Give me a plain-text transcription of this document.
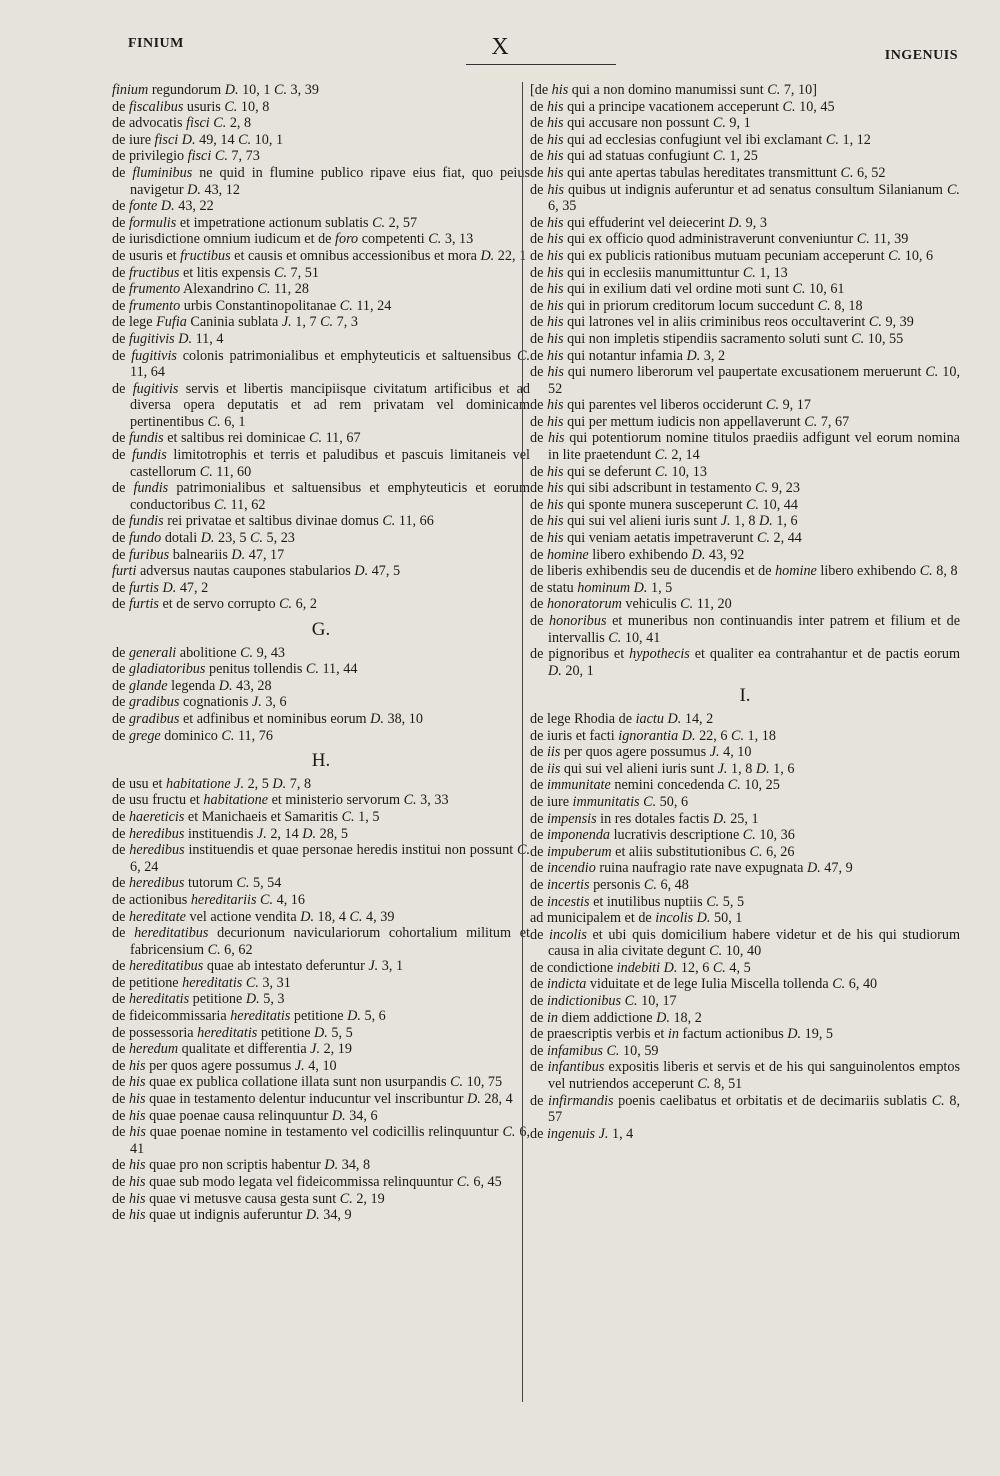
FINIUM	X	INGENUIS

finium regundorum D. 10, 1 C. 3, 39

de fiscalibus usuris C. 10, 8

de advocatis fisci C. 2, 8

de iure fisci D. 49, 14 C. 10, 1

de privilegio fisci C. 7, 73

de fluminibus ne quid in flumine publico ripave eius fiat, quo peius navigetur D. 43, 12

de fonte D. 43, 22

de formulis et impetratione actionum sublatis C. 2, 57

de iurisdictione omnium iudicum et de foro competenti C. 3, 13

de usuris et fructibus et causis et omnibus accessionibus et mora D. 22, 1

de fructibus et litis expensis C. 7, 51

de frumento Alexandrino C. 11, 28

de frumento urbis Constantinopolitanae C. 11, 24

de lege Fufia Caninia sublata J. 1, 7 C. 7, 3

de fugitivis D. 11, 4

de fugitivis colonis patrimonialibus et emphyteuticis et saltuensibus C. 11, 64

de fugitivis servis et libertis mancipiisque civitatum artificibus et ad diversa opera deputatis et ad rem privatam vel dominicam pertinentibus C. 6, 1

de fundis et saltibus rei dominicae C. 11, 67

de fundis limitotrophis et terris et paludibus et pascuis limitaneis vel castellorum C. 11, 60

de fundis patrimonialibus et saltuensibus et emphyteuticis et eorum conductoribus C. 11, 62

de fundis rei privatae et saltibus divinae domus C. 11, 66

de fundo dotali D. 23, 5 C. 5, 23

de furibus balneariis D. 47, 17

furti adversus nautas caupones stabularios D. 47, 5

de furtis D. 47, 2

de furtis et de servo corrupto C. 6, 2

G.

de generali abolitione C. 9, 43

de gladiatoribus penitus tollendis C. 11, 44

de glande legenda D. 43, 28

de gradibus cognationis J. 3, 6

de gradibus et adfinibus et nominibus eorum D. 38, 10

de grege dominico C. 11, 76

H.

de usu et habitatione J. 2, 5 D. 7, 8

de usu fructu et habitatione et ministerio servorum C. 3, 33

de haereticis et Manichaeis et Samaritis C. 1, 5

de heredibus instituendis J. 2, 14 D. 28, 5

de heredibus instituendis et quae personae heredis institui non possunt C. 6, 24

de heredibus tutorum C. 5, 54

de actionibus hereditariis C. 4, 16

de hereditate vel actione vendita D. 18, 4 C. 4, 39

de hereditatibus decurionum naviculariorum cohortalium militum et fabricensium C. 6, 62

de hereditatibus quae ab intestato deferuntur J. 3, 1

de petitione hereditatis C. 3, 31

de hereditatis petitione D. 5, 3

de fideicommissaria hereditatis petitione D. 5, 6

de possessoria hereditatis petitione D. 5, 5

de heredum qualitate et differentia J. 2, 19

de his per quos agere possumus J. 4, 10

de his quae ex publica collatione illata sunt non usurpandis C. 10, 75

de his quae in testamento delentur inducuntur vel inscribuntur D. 28, 4

de his quae poenae causa relinquuntur D. 34, 6

de his quae poenae nomine in testamento vel codicillis relinquuntur C. 6, 41

de his quae pro non scriptis habentur D. 34, 8

de his quae sub modo legata vel fideicommissa relinquuntur C. 6, 45

de his quae vi metusve causa gesta sunt C. 2, 19

de his quae ut indignis auferuntur D. 34, 9

[de his qui a non domino manumissi sunt C. 7, 10]

de his qui a principe vacationem acceperunt C. 10, 45

de his qui accusare non possunt C. 9, 1

de his qui ad ecclesias confugiunt vel ibi exclamant C. 1, 12

de his qui ad statuas confugiunt C. 1, 25

de his qui ante apertas tabulas hereditates transmittunt C. 6, 52

de his quibus ut indignis auferuntur et ad senatus consultum Silanianum C. 6, 35

de his qui effuderint vel deiecerint D. 9, 3

de his qui ex officio quod administraverunt conveniuntur C. 11, 39

de his qui ex publicis rationibus mutuam pecuniam acceperunt C. 10, 6

de his qui in ecclesiis manumittuntur C. 1, 13

de his qui in exilium dati vel ordine moti sunt C. 10, 61

de his qui in priorum creditorum locum succedunt C. 8, 18

de his qui latrones vel in aliis criminibus reos occultaverint C. 9, 39

de his qui non impletis stipendiis sacramento soluti sunt C. 10, 55

de his qui notantur infamia D. 3, 2

de his qui numero liberorum vel paupertate excusationem meruerunt C. 10, 52

de his qui parentes vel liberos occiderunt C. 9, 17

de his qui per mettum iudicis non appellaverunt C. 7, 67

de his qui potentiorum nomine titulos praediis adfigunt vel eorum nomina in lite praetendunt C. 2, 14

de his qui se deferunt C. 10, 13

de his qui sibi adscribunt in testamento C. 9, 23

de his qui sponte munera susceperunt C. 10, 44

de his qui sui vel alieni iuris sunt J. 1, 8 D. 1, 6

de his qui veniam aetatis impetraverunt C. 2, 44

de homine libero exhibendo D. 43, 92

de liberis exhibendis seu de ducendis et de homine libero exhibendo C. 8, 8

de statu hominum D. 1, 5

de honoratorum vehiculis C. 11, 20

de honoribus et muneribus non continuandis inter patrem et filium et de intervallis C. 10, 41

de pignoribus et hypothecis et qualiter ea contrahantur et de pactis eorum D. 20, 1

I.

de lege Rhodia de iactu D. 14, 2

de iuris et facti ignorantia D. 22, 6 C. 1, 18

de iis per quos agere possumus J. 4, 10

de iis qui sui vel alieni iuris sunt J. 1, 8 D. 1, 6

de immunitate nemini concedenda C. 10, 25

de iure immunitatis C. 50, 6

de impensis in res dotales factis D. 25, 1

de imponenda lucrativis descriptione C. 10, 36

de impuberum et aliis substitutionibus C. 6, 26

de incendio ruina naufragio rate nave expugnata D. 47, 9

de incertis personis C. 6, 48

de incestis et inutilibus nuptiis C. 5, 5

ad municipalem et de incolis D. 50, 1

de incolis et ubi quis domicilium habere videtur et de his qui studiorum causa in alia civitate degunt C. 10, 40

de condictione indebiti D. 12, 6 C. 4, 5

de indicta viduitate et de lege Iulia Miscella tollenda C. 6, 40

de indictionibus C. 10, 17

de in diem addictione D. 18, 2

de praescriptis verbis et in factum actionibus D. 19, 5

de infamibus C. 10, 59

de infantibus expositis liberis et servis et de his qui sanguinolentos emptos vel nutriendos acceperunt C. 8, 51

de infirmandis poenis caelibatus et orbitatis et de decimariis sublatis C. 8, 57

de ingenuis J. 1, 4
